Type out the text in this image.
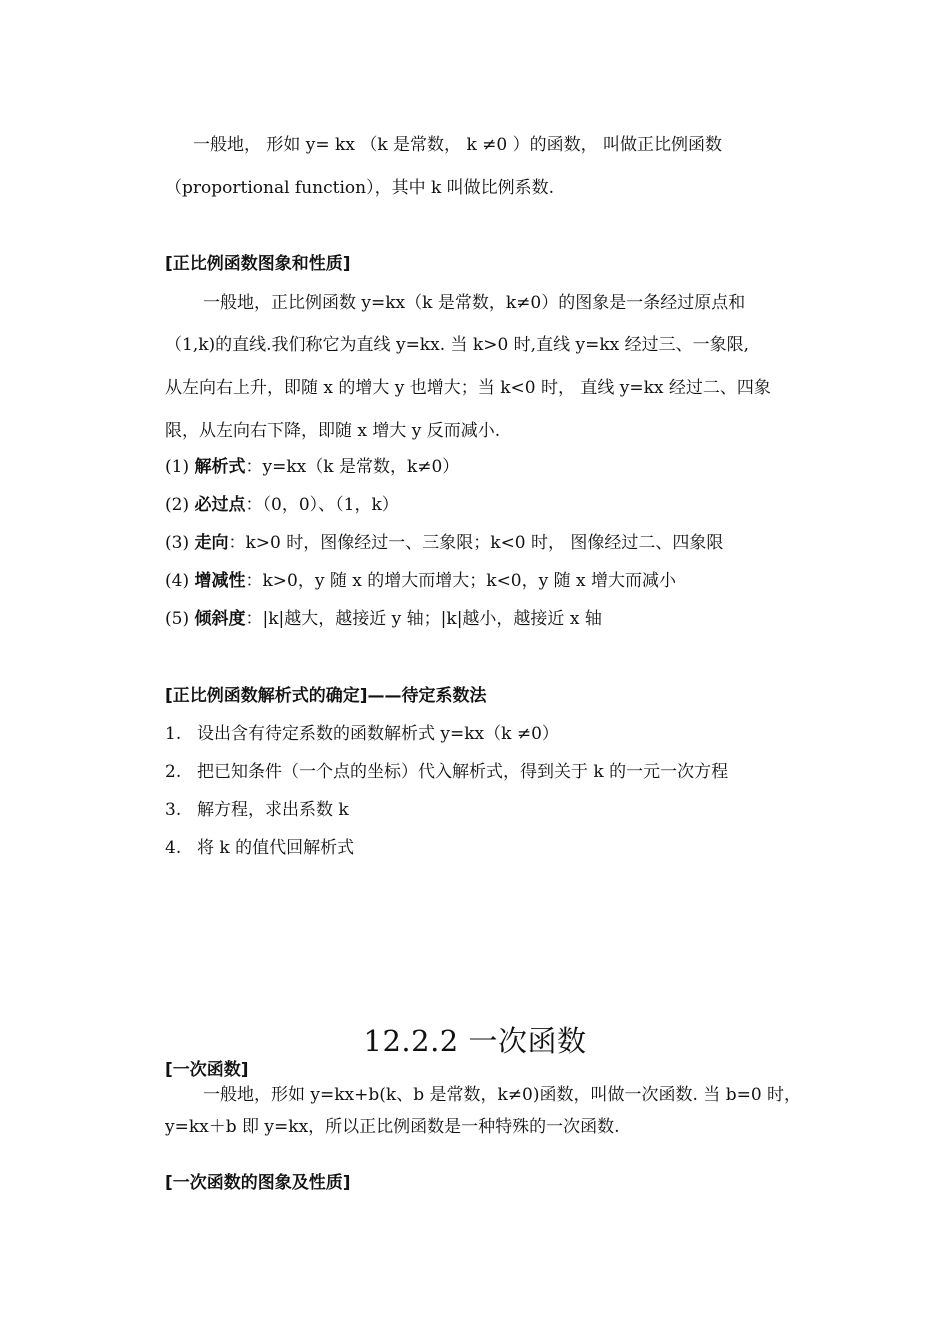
一般地， 形如 y= kx （k 是常数， k ≠0 ）的函数， 叫做正比例函数
（proportional function），其中 k 叫做比例系数.
[正比例函数图象和性质]
一般地，正比例函数 y=kx（k 是常数，k≠0）的图象是一条经过原点和
（1,k)的直线.我们称它为直线 y=kx. 当 k>0 时,直线 y=kx 经过三、一象限,
从左向右上升，即随 x 的增大 y 也增大；当 k<0 时， 直线 y=kx 经过二、四象
限，从左向右下降，即随 x 增大 y 反而减小.
(1) 解析式：y=kx（k 是常数，k≠0）
(2) 必过点：（0，0）、（1，k）
(3) 走向：k>0 时，图像经过一、三象限；k<0 时， 图像经过二、四象限
(4) 增减性：k>0，y 随 x 的增大而增大；k<0，y 随 x 增大而减小
(5) 倾斜度：|k|越大，越接近 y 轴；|k|越小，越接近 x 轴
[正比例函数解析式的确定]——待定系数法
1. 设出含有待定系数的函数解析式 y=kx（k ≠0）
2. 把已知条件（一个点的坐标）代入解析式，得到关于 k 的一元一次方程
3. 解方程，求出系数 k
4. 将 k 的值代回解析式
12.2.2 一次函数
[一次函数]
一般地，形如 y=kx+b(k、b 是常数，k≠0)函数，叫做一次函数. 当 b=0 时，
y=kx＋b 即 y=kx，所以正比例函数是一种特殊的一次函数.
[一次函数的图象及性质]
